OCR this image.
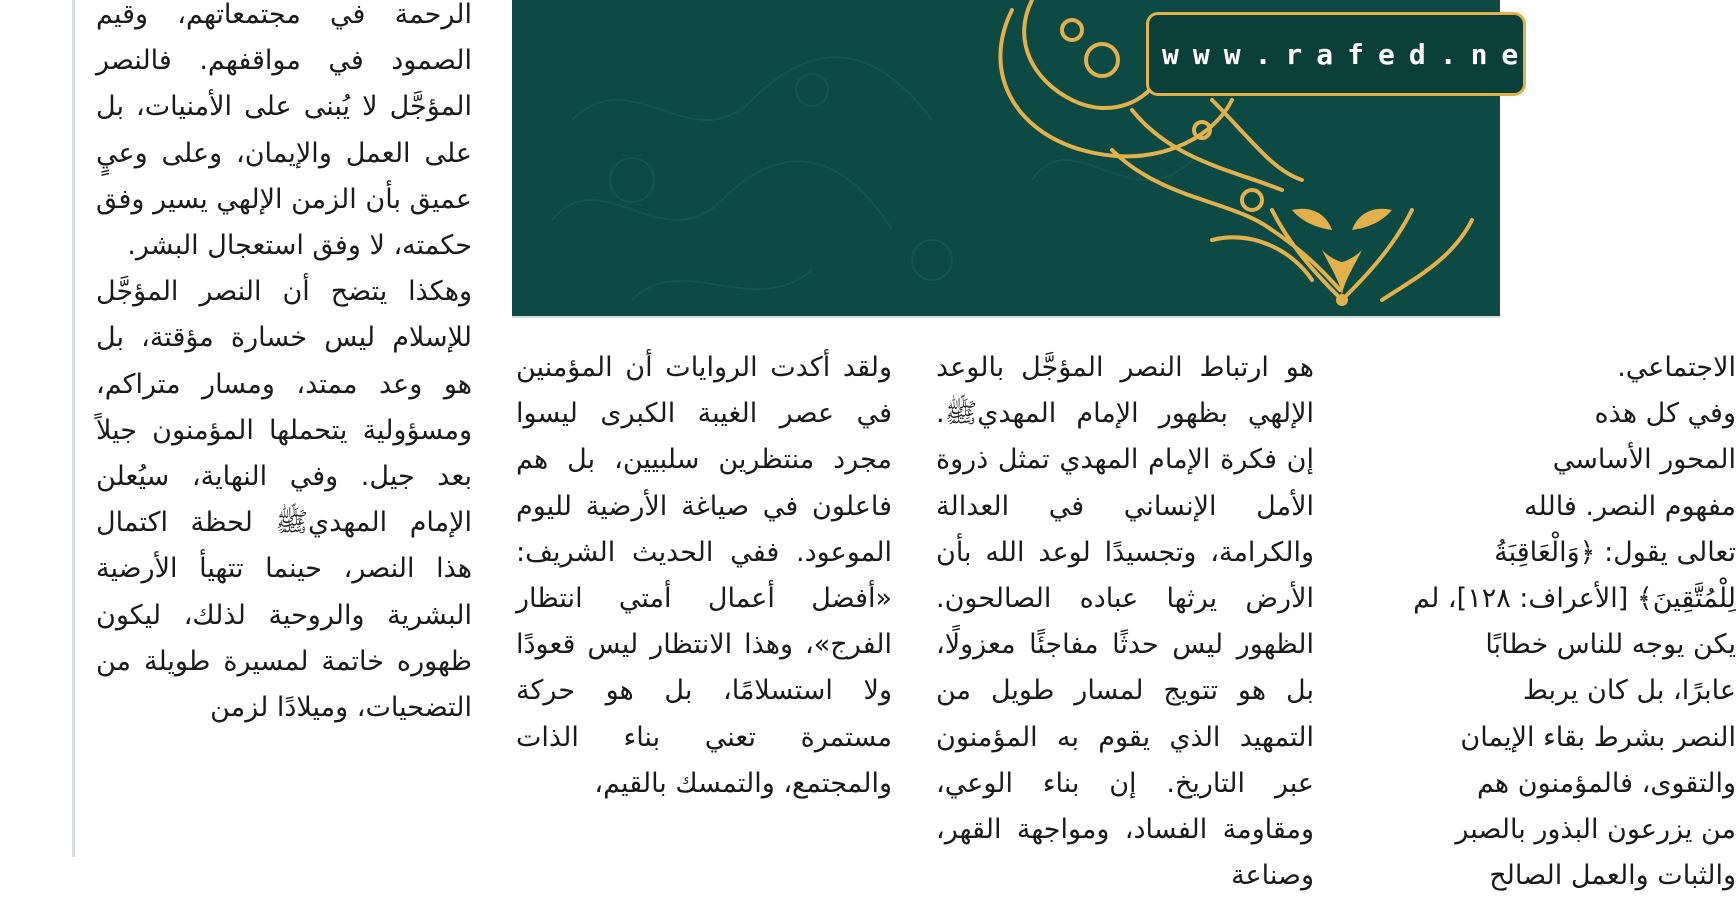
الرحمة في مجتمعاتهم، وقيم الصمود في مواقفهم. فالنصر المؤجَّل لا يُبنى على الأمنيات، بل على العمل والإيمان، وعلى وعيٍ عميق بأن الزمن الإلهي يسير وفق حكمته، لا وفق استعجال البشر.

وهكذا يتضح أن النصر المؤجَّل للإسلام ليس خسارة مؤقتة، بل هو وعد ممتد، ومسار متراكم، ومسؤولية يتحملها المؤمنون جيلاً بعد جيل. وفي النهاية، سيُعلن الإمام المهديﷺ لحظة اكتمال هذا النصر، حينما تتهيأ الأرضية البشرية والروحية لذلك، ليكون ظهوره خاتمة لمسيرة طويلة من التضحيات، وميلادًا لزمن

www.rafed.net

ولقد أكدت الروايات أن المؤمنين في عصر الغيبة الكبرى ليسوا مجرد منتظرين سلبيين، بل هم فاعلون في صياغة الأرضية لليوم الموعود. ففي الحديث الشريف: «أفضل أعمال أمتي انتظار الفرج»، وهذا الانتظار ليس قعودًا ولا استسلامًا، بل هو حركة مستمرة تعني بناء الذات والمجتمع، والتمسك بالقيم،

هو ارتباط النصر المؤجَّل بالوعد الإلهي بظهور الإمام المهديﷺ. إن فكرة الإمام المهدي تمثل ذروة الأمل الإنساني في العدالة والكرامة، وتجسيدًا لوعد الله بأن الأرض يرثها عباده الصالحون. الظهور ليس حدثًا مفاجئًا معزولًا، بل هو تتويج لمسار طويل من التمهيد الذي يقوم به المؤمنون عبر التاريخ. إن بناء الوعي، ومقاومة الفساد، ومواجهة القهر، وصناعة

الاجتماعي.

وفي كل هذه

المحور الأساسي

مفهوم النصر. فالله

تعالى يقول: ﴿وَالْعَاقِبَةُ

لِلْمُتَّقِينَ﴾ [الأعراف: ١٢٨]، لم

يكن يوجه للناس خطابًا

عابرًا، بل كان يربط

النصر بشرط بقاء الإيمان

والتقوى، فالمؤمنون هم

من يزرعون البذور بالصبر

والثبات والعمل الصالح
